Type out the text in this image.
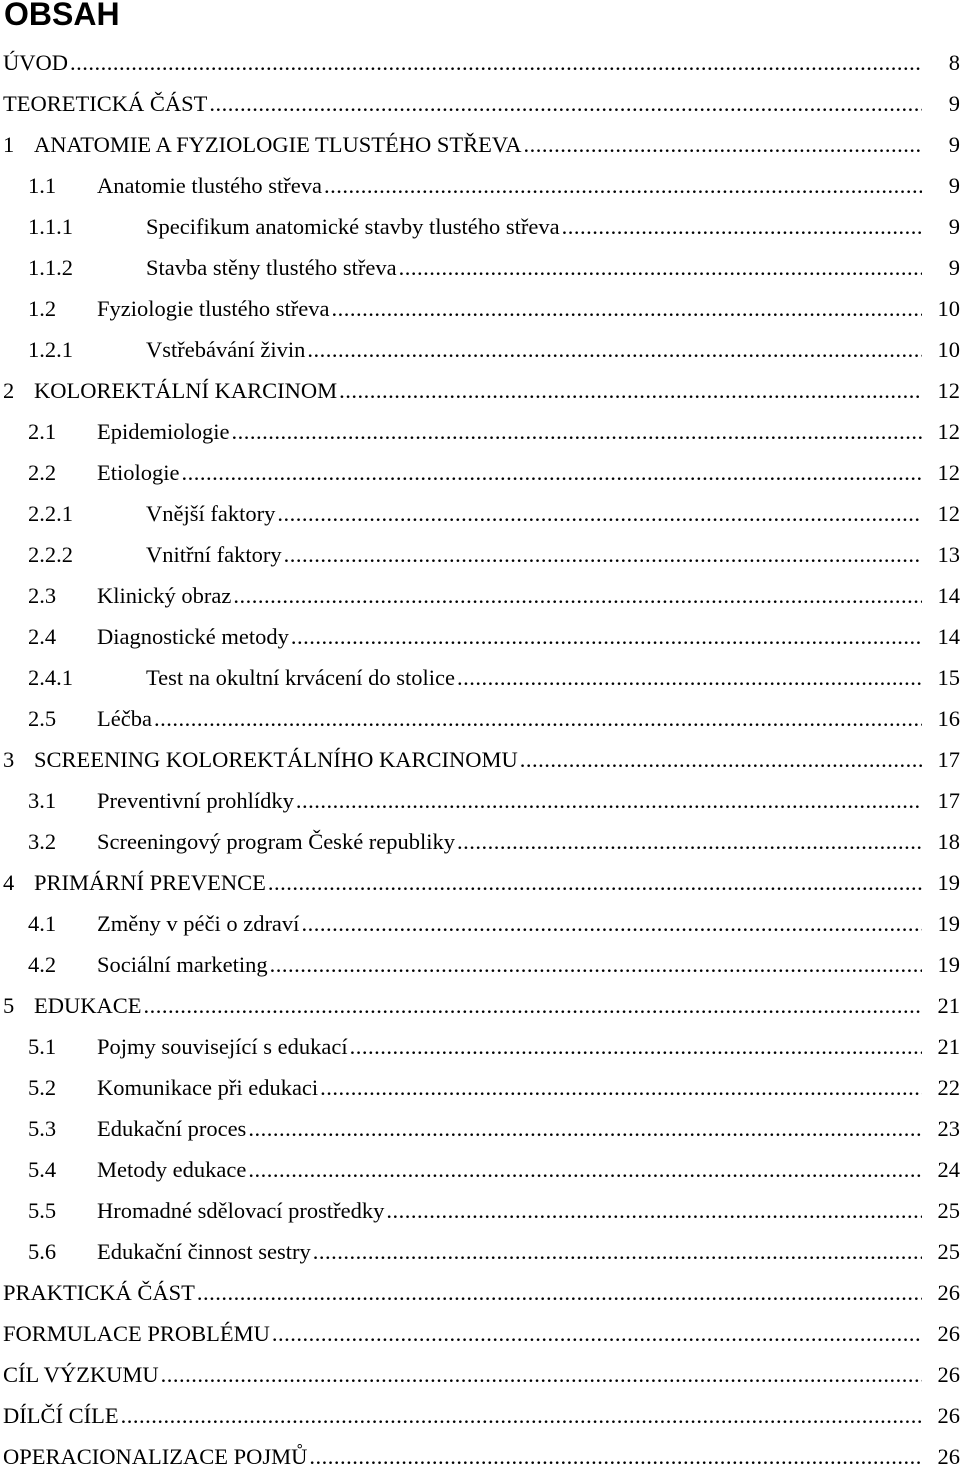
OBSAH
ÚVOD .....	8
TEORETICKÁ ČÁST .....	9
1 ANATOMIE A FYZIOLOGIE TLUSTÉHO STŘEVA .....	9
1.1 Anatomie tlustého střeva .....	9
1.1.1	Specifikum anatomické stavby tlustého střeva .....	9
1.1.2	Stavba stěny tlustého střeva .....	9
1.2 Fyziologie tlustého střeva .....	10
1.2.1	Vstřebávání živin .....	10
2 KOLOREKTÁLNÍ KARCINOM .....	12
2.1 Epidemiologie .....	12
2.2 Etiologie .....	12
2.2.1	Vnější faktory .....	12
2.2.2	Vnitřní faktory .....	13
2.3 Klinický obraz .....	14
2.4 Diagnostické metody .....	14
2.4.1	Test na okultní krvácení do stolice .....	15
2.5 Léčba .....	16
3 SCREENING KOLOREKTÁLNÍHO KARCINOMU .....	17
3.1 Preventivní prohlídky .....	17
3.2 Screeningový program České republiky .....	18
4 PRIMÁRNÍ PREVENCE .....	19
4.1 Změny v péči o zdraví .....	19
4.2 Sociální marketing .....	19
5 EDUKACE .....	21
5.1 Pojmy související s edukací .....	21
5.2 Komunikace při edukaci .....	22
5.3 Edukační proces .....	23
5.4 Metody edukace .....	24
5.5 Hromadné sdělovací prostředky .....	25
5.6 Edukační činnost sestry .....	25
PRAKTICKÁ ČÁST .....	26
FORMULACE PROBLÉMU .....	26
CÍL VÝZKUMU .....	26
DÍLČÍ CÍLE .....	26
OPERACIONALIZACE POJMŮ .....	26
